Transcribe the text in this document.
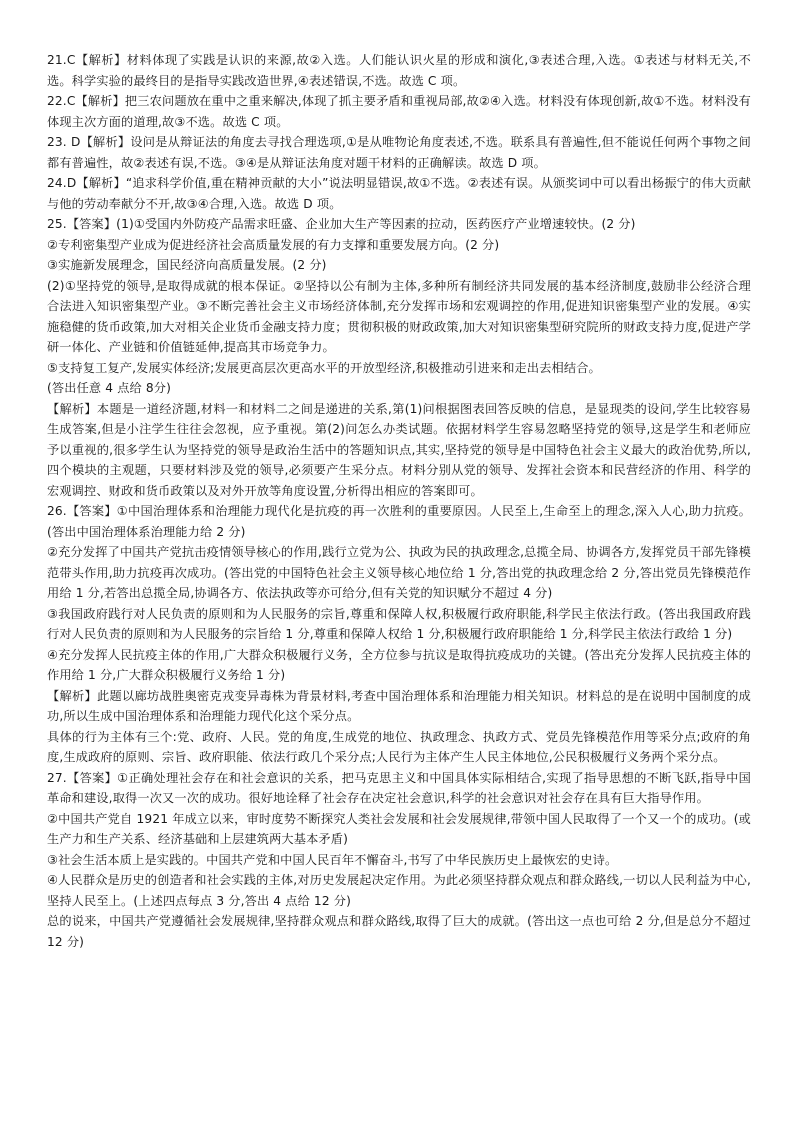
21.C【解析】材料体现了实践是认识的来源,故②入选。人们能认识火星的形成和演化,③表述合理,入选。①表述与材料无关,不选。科学实验的最终目的是指导实践改造世界,④表述错误,不选。故选 C 项。

22.C【解析】把三农问题放在重中之重来解决,体现了抓主要矛盾和重视局部,故②④入选。材料没有体现创新,故①不选。材料没有体现主次方面的道理,故③不选。故选 C 项。

23. D【解析】设问是从辩证法的角度去寻找合理选项,①是从唯物论角度表述,不选。联系具有普遍性,但不能说任何两个事物之间都有普遍性，故②表述有误,不选。③④是从辩证法角度对题干材料的正确解读。故选 D 项。

24.D【解析】“追求科学价值,重在精神贡献的大小”说法明显错误,故①不选。②表述有误。从颁奖词中可以看出杨振宁的伟大贡献与他的劳动奉献分不开,故③④合理,入选。故选 D 项。

25.【答案】(1)①受国内外防疫产品需求旺盛、企业加大生产等因素的拉动，医药医疗产业增速较快。(2 分)

②专利密集型产业成为促进经济社会高质量发展的有力支撑和重要发展方向。(2 分)

③实施新发展理念，国民经济向高质量发展。(2 分)

(2)①坚持党的领导,是取得成就的根本保证。②坚持以公有制为主体,多种所有制经济共同发展的基本经济制度,鼓励非公经济合理合法进入知识密集型产业。③不断完善社会主义市场经济体制,充分发挥市场和宏观调控的作用,促进知识密集型产业的发展。④实施稳健的货币政策,加大对相关企业货币金融支持力度；贯彻积极的财政政策,加大对知识密集型研究院所的财政支持力度,促进产学研一体化、产业链和价值链延伸,提高其市场竞争力。

⑤支持复工复产,发展实体经济;发展更高层次更高水平的开放型经济,积极推动引进来和走出去相结合。

(答出任意 4 点给 8分)

【解析】本题是一道经济题,材料一和材料二之间是递进的关系,第(1)问根据图表回答反映的信息，是显现类的设问,学生比较容易生成答案,但是小注学生往往会忽视，应予重视。第(2)问怎么办类试题。依据材料学生容易忽略坚持党的领导,这是学生和老师应予以重视的,很多学生认为坚持党的领导是政治生活中的答题知识点,其实,坚持党的领导是中国特色社会主义最大的政治优势,所以,四个模块的主观题，只要材料涉及党的领导,必须要产生采分点。材料分别从党的领导、发挥社会资本和民营经济的作用、科学的宏观调控、财政和货币政策以及对外开放等角度设置,分析得出相应的答案即可。

26.【答案】①中国治理体系和治理能力现代化是抗疫的再一次胜利的重要原因。人民至上,生命至上的理念,深入人心,助力抗疫。(答出中国治理体系治理能力给 2 分)

②充分发挥了中国共产党抗击疫情领导核心的作用,践行立党为公、执政为民的执政理念,总揽全局、协调各方,发挥党员干部先锋模范带头作用,助力抗疫再次成功。(答出党的中国特色社会主义领导核心地位给 1 分,答出党的执政理念给 2 分,答出党员先锋模范作用给 1 分,若答出总揽全局,协调各方、依法执政等亦可给分,但有关党的知识赋分不超过 4 分)

③我国政府践行对人民负责的原则和为人民服务的宗旨,尊重和保障人权,积极履行政府职能,科学民主依法行政。(答出我国政府践行对人民负责的原则和为人民服务的宗旨给 1 分,尊重和保障人权给 1 分,积极履行政府职能给 1 分,科学民主依法行政给 1 分)

④充分发挥人民抗疫主体的作用,广大群众积极履行义务，全方位参与抗议是取得抗疫成功的关键。(答出充分发挥人民抗疫主体的作用给 1 分,广大群众积极履行义务给 1 分)

【解析】此题以廊坊战胜奥密克戎变异毒株为背景材料,考查中国治理体系和治理能力相关知识。材料总的是在说明中国制度的成功,所以生成中国治理体系和治理能力现代化这个采分点。

具体的行为主体有三个:党、政府、人民。党的角度,生成党的地位、执政理念、执政方式、党员先锋模范作用等采分点;政府的角度,生成政府的原则、宗旨、政府职能、依法行政几个采分点;人民行为主体产生人民主体地位,公民积极履行义务两个采分点。

27.【答案】①正确处理社会存在和社会意识的关系，把马克思主义和中国具体实际相结合,实现了指导思想的不断飞跃,指导中国革命和建设,取得一次又一次的成功。很好地诠释了社会存在决定社会意识,科学的社会意识对社会存在具有巨大指导作用。

②中国共产党自 1921 年成立以来，审时度势不断探究人类社会发展和社会发展规律,带领中国人民取得了一个又一个的成功。(或生产力和生产关系、经济基础和上层建筑两大基本矛盾)

③社会生活本质上是实践的。中国共产党和中国人民百年不懈奋斗,书写了中华民族历史上最恢宏的史诗。

④人民群众是历史的创造者和社会实践的主体,对历史发展起决定作用。为此必须坚持群众观点和群众路线,一切以人民利益为中心,坚持人民至上。(上述四点每点 3 分,答出 4 点给 12 分)

总的说来，中国共产党遵循社会发展规律,坚持群众观点和群众路线,取得了巨大的成就。(答出这一点也可给 2 分,但是总分不超过 12 分)
